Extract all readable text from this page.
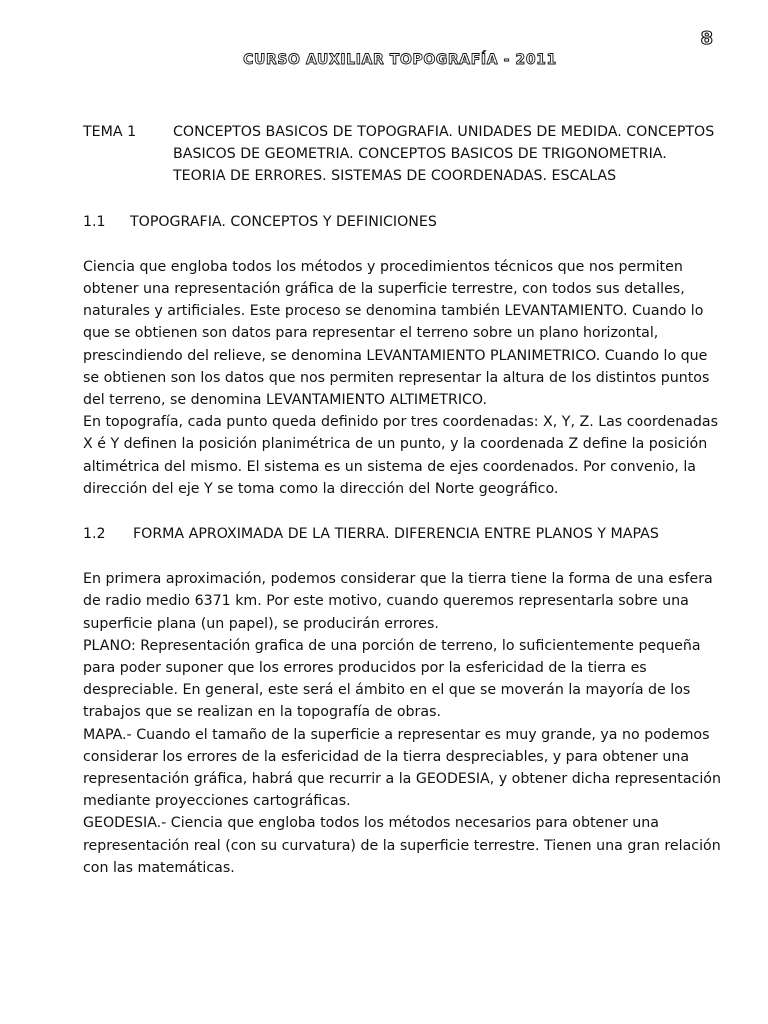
8
CURSO AUXILIAR TOPOGRAFÍA - 2011
TEMA 1	CONCEPTOS BASICOS DE TOPOGRAFIA. UNIDADES DE MEDIDA. CONCEPTOS BASICOS DE GEOMETRIA. CONCEPTOS BASICOS DE TRIGONOMETRIA. TEORIA DE ERRORES. SISTEMAS DE COORDENADAS. ESCALAS
1.1	TOPOGRAFIA. CONCEPTOS Y DEFINICIONES

Ciencia que engloba todos los métodos y procedimientos técnicos que nos permiten obtener una representación gráfica de la superficie terrestre, con todos sus detalles, naturales y artificiales. Este proceso se denomina también LEVANTAMIENTO. Cuando lo que se obtienen son datos para representar el terreno sobre un plano horizontal, prescindiendo del relieve, se denomina LEVANTAMIENTO PLANIMETRICO. Cuando lo que se obtienen son los datos que nos permiten representar la altura de los distintos puntos del terreno, se denomina LEVANTAMIENTO ALTIMETRICO.

En topografía, cada punto queda definido por tres coordenadas: X, Y, Z. Las coordenadas X é Y definen la posición planimétrica de un punto, y la coordenada Z define la posición altimétrica del mismo. El sistema es un sistema de ejes coordenados. Por convenio, la dirección del eje Y se toma como la dirección del Norte geográfico.

1.2	FORMA APROXIMADA DE LA TIERRA. DIFERENCIA ENTRE PLANOS Y MAPAS

En primera aproximación, podemos considerar que la tierra tiene la forma de una esfera de radio medio 6371 km. Por este motivo, cuando queremos representarla sobre una superficie plana (un papel), se producirán errores.

PLANO: Representación grafica de una porción de terreno, lo suficientemente pequeña para poder suponer que los errores producidos por la esfericidad de la tierra es despreciable. En general, este será el ámbito en el que se moverán la mayoría de los trabajos que se realizan en la topografía de obras.

MAPA.- Cuando el tamaño de la superficie a representar es muy grande, ya no podemos considerar los errores de la esfericidad de la tierra despreciables, y para obtener una representación gráfica, habrá que recurrir a la GEODESIA, y obtener dicha representación mediante proyecciones cartográficas.

GEODESIA.- Ciencia que engloba todos los métodos necesarios para obtener una representación real (con su curvatura) de la superficie terrestre. Tienen una gran relación con las matemáticas.
